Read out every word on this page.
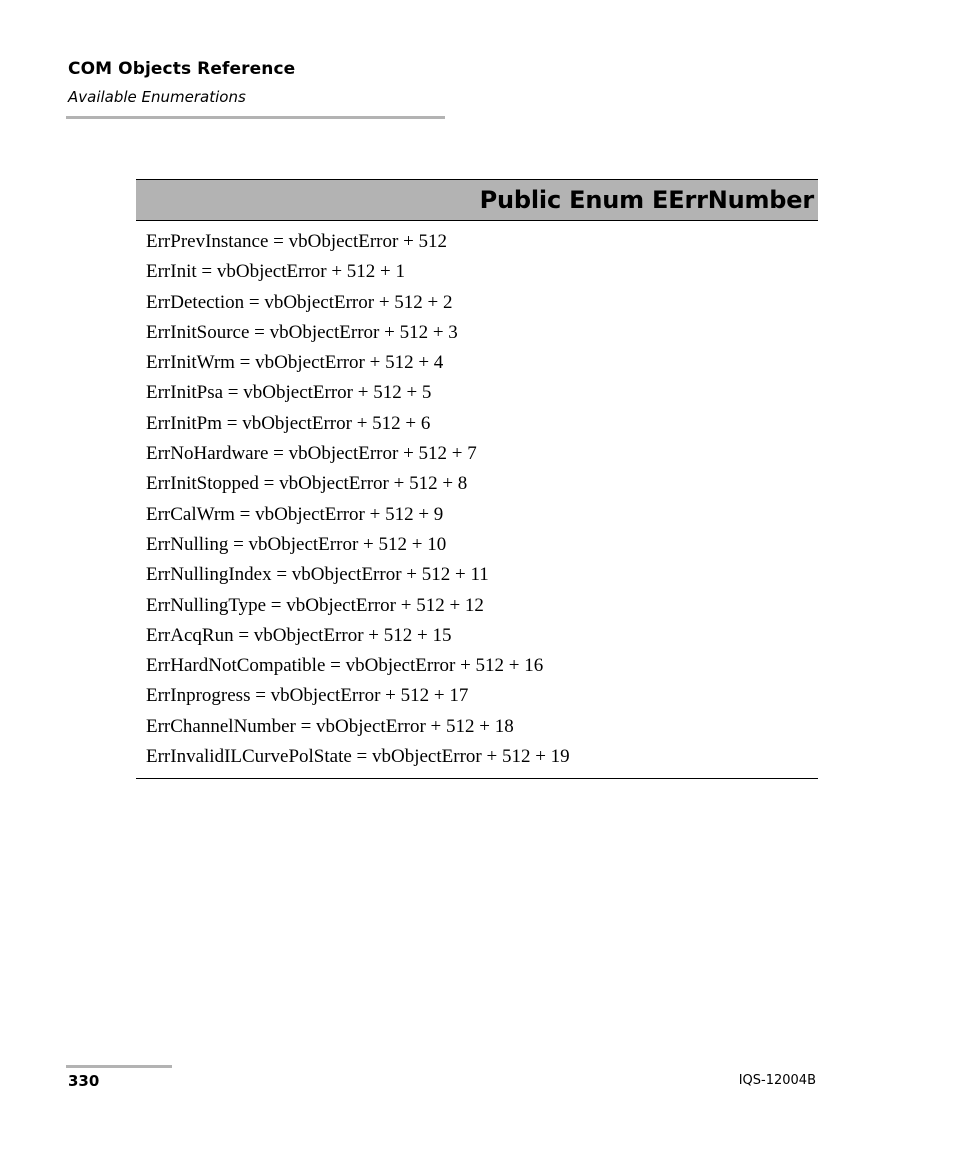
COM Objects Reference
Available Enumerations
Public Enum EErrNumber
ErrPrevInstance = vbObjectError + 512
ErrInit = vbObjectError + 512 + 1
ErrDetection = vbObjectError + 512 + 2
ErrInitSource = vbObjectError + 512 + 3
ErrInitWrm = vbObjectError + 512 + 4
ErrInitPsa = vbObjectError + 512 + 5
ErrInitPm = vbObjectError + 512 + 6
ErrNoHardware = vbObjectError + 512 + 7
ErrInitStopped = vbObjectError + 512 + 8
ErrCalWrm = vbObjectError + 512 + 9
ErrNulling = vbObjectError + 512 + 10
ErrNullingIndex = vbObjectError + 512 + 11
ErrNullingType = vbObjectError + 512 + 12
ErrAcqRun = vbObjectError + 512 + 15
ErrHardNotCompatible = vbObjectError + 512 + 16
ErrInprogress = vbObjectError + 512 + 17
ErrChannelNumber = vbObjectError + 512 + 18
ErrInvalidILCurvePolState = vbObjectError + 512 + 19
330	IQS-12004B
